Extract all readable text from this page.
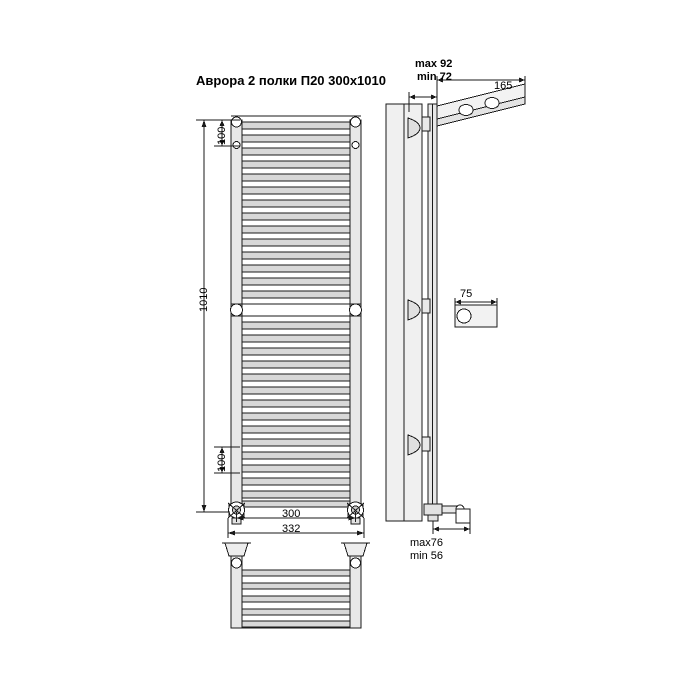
Аврора 2 полки П20 300х1010
max 92
min 72
165
100
1010
100
75
300
332
max76
min 56
